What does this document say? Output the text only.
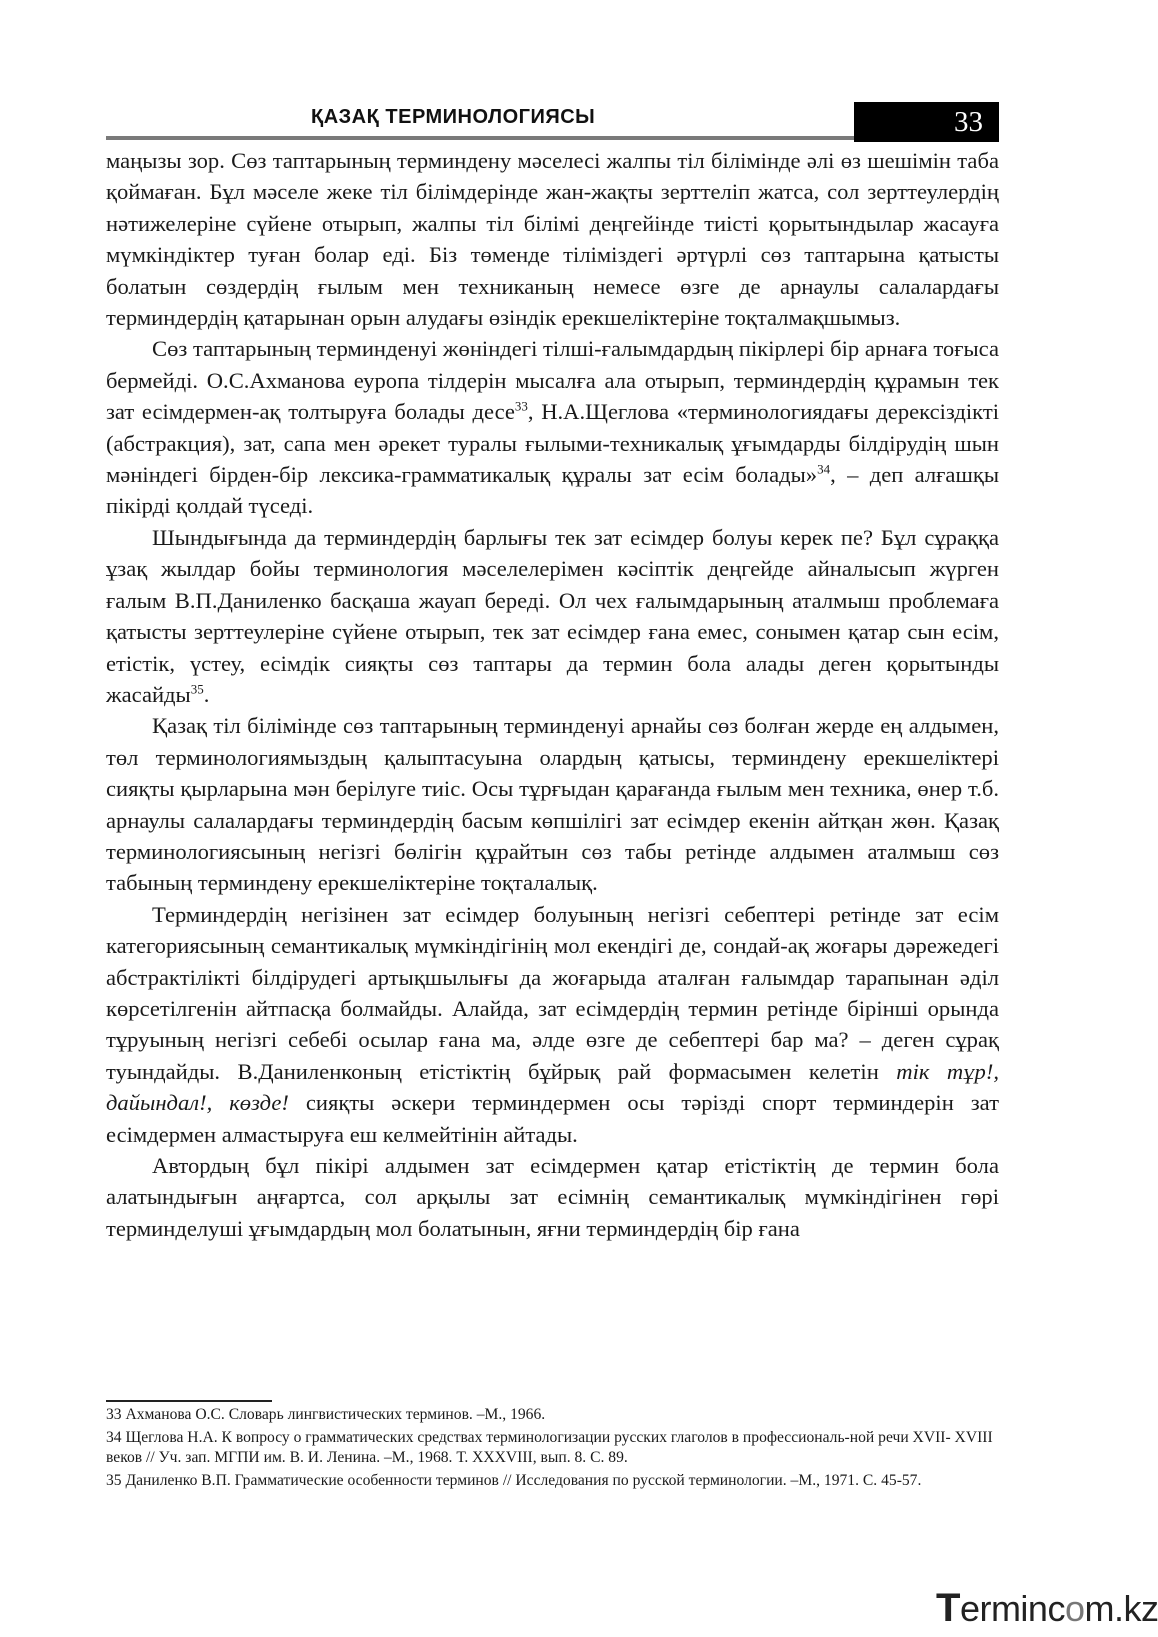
ҚАЗАҚ ТЕРМИНОЛОГИЯСЫ	33

маңызы зор. Сөз таптарының терминдену мәселесі жалпы тіл білімінде әлі өз шешімін таба қоймаған. Бұл мәселе жеке тіл білімдерінде жан-жақты зерттеліп жатса, сол зерттеулердің нәтижелеріне сүйене отырып, жалпы тіл білімі деңгейінде тиісті қорытындылар жасауға мүмкіндіктер туған болар еді. Біз төменде тіліміздегі әртүрлі сөз таптарына қатысты болатын сөздердің ғылым мен техниканың немесе өзге де арнаулы салалардағы терминдердің қатарынан орын алудағы өзіндік ерекшеліктеріне тоқталмақшымыз.

Сөз таптарының терминденуі жөніндегі тілші-ғалымдардың пікірлері бір арнаға тоғыса бермейді. О.С.Ахманова еуропа тілдерін мысалға ала отырып, терминдердің құрамын тек зат есімдермен-ақ толтыруға болады десе$^{33}$, Н.А.Щеглова «терминологиядағы дерексіздікті (абстракция), зат, сапа мен әрекет туралы ғылыми-техникалық ұғымдарды білдірудің шын мәніндегі бірден-бір лексика-грамматикалық құралы зат есім болады»$^{34}$, – деп алғашқы пікірді қолдай түседі.

Шындығында да терминдердің барлығы тек зат есімдер болуы керек пе? Бұл сұраққа ұзақ жылдар бойы терминология мәселелерімен кәсіптік деңгейде айналысып жүрген ғалым В.П.Даниленко басқаша жауап береді. Ол чех ғалымдарының аталмыш проблемаға қатысты зерттеулеріне сүйене отырып, тек зат есімдер ғана емес, сонымен қатар сын есім, етістік, үстеу, есімдік сияқты сөз таптары да термин бола алады деген қорытынды жасайды$^{35}$.

Қазақ тіл білімінде сөз таптарының терминденуі арнайы сөз болған жерде ең алдымен, төл терминологиямыздың қалыптасуына олардың қатысы, терминдену ерекшеліктері сияқты қырларына мән берілуге тиіс. Осы тұрғыдан қарағанда ғылым мен техника, өнер т.б. арнаулы салалардағы терминдердің басым көпшілігі зат есімдер екенін айтқан жөн. Қазақ терминологиясының негізгі бөлігін құрайтын сөз табы ретінде алдымен аталмыш сөз табының терминдену ерекшеліктеріне тоқталалық.

Терминдердің негізінен зат есімдер болуының негізгі себептері ретінде зат есім категориясының семантикалық мүмкіндігінің мол екендігі де, сондай-ақ жоғары дәрежедегі абстрактілікті білдірудегі артықшылығы да жоғарыда аталған ғалымдар тарапынан әділ көрсетілгенін айтпасқа болмайды. Алайда, зат есімдердің термин ретінде бірінші орында тұруының негізгі себебі осылар ғана ма, әлде өзге де себептері бар ма? – деген сұрақ туындайды. В.Даниленконың етістіктің бұйрық рай формасымен келетін тік тұр!, дайындал!, көзде! сияқты әскери терминдермен осы тәрізді спорт терминдерін зат есімдермен алмастыруға еш келмейтінін айтады.

Автордың бұл пікірі алдымен зат есімдермен қатар етістіктің де термин бола алатындығын аңғартса, сол арқылы зат есімнің семантикалық мүмкіндігінен гөрі терминделуші ұғымдардың мол болатынын, яғни терминдердің бір ғана

33 Ахманова О.С. Словарь лингвистических терминов. –М., 1966.

34 Щеглова Н.А. К вопросу о грамматических средствах терминологизации русских глаголов в профессиональ-ной речи XVII- XVIII веков // Уч. зап. МГПИ им. В. И. Ленина. –М., 1968. Т. XXXVIII, вып. 8. С. 89.

35 Даниленко В.П. Грамматические особенности терминов // Исследования по русской терминологии. –М., 1971. С. 45-57.

Termincom.kz
